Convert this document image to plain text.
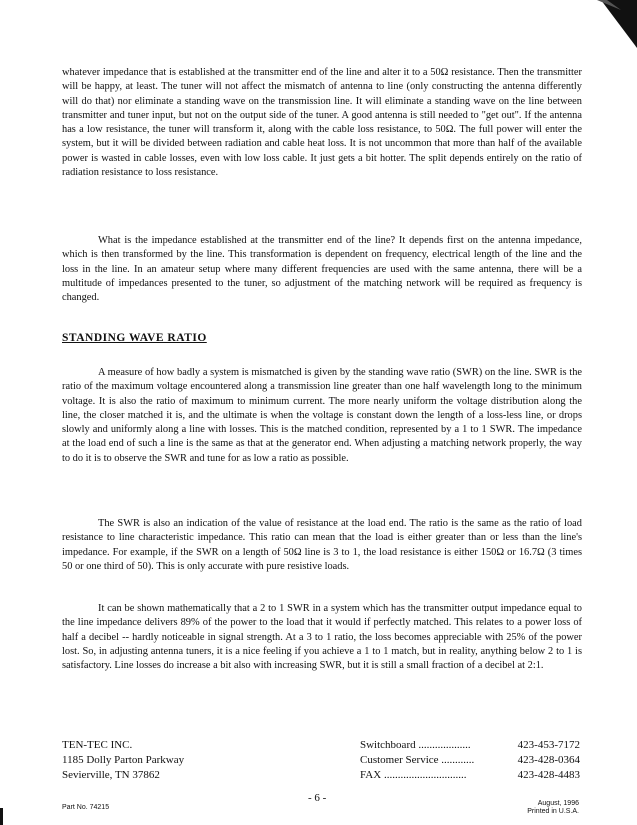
whatever impedance that is established at the transmitter end of the line and alter it to a 50Ω resistance. Then the transmitter will be happy, at least. The tuner will not affect the mismatch of antenna to line (only constructing the antenna differently will do that) nor eliminate a standing wave on the transmission line. It will eliminate a standing wave on the line between transmitter and tuner input, but not on the output side of the tuner. A good antenna is still needed to "get out". If the antenna has a low resistance, the tuner will transform it, along with the cable loss resistance, to 50Ω. The full power will enter the system, but it will be divided between radiation and cable heat loss. It is not uncommon that more than half of the available power is wasted in cable losses, even with low loss cable. It just gets a bit hotter. The split depends entirely on the ratio of radiation resistance to loss resistance.

What is the impedance established at the transmitter end of the line? It depends first on the antenna impedance, which is then transformed by the line. This transformation is dependent on frequency, electrical length of the line and the loss in the line. In an amateur setup where many different frequencies are used with the same antenna, there will be a multitude of impedances presented to the tuner, so adjustment of the matching network will be required as frequency is changed.

STANDING WAVE RATIO

A measure of how badly a system is mismatched is given by the standing wave ratio (SWR) on the line. SWR is the ratio of the maximum voltage encountered along a transmission line greater than one half wavelength long to the minimum voltage. It is also the ratio of maximum to minimum current. The more nearly uniform the voltage distribution along the line, the closer matched it is, and the ultimate is when the voltage is constant down the length of a loss-less line, or drops slowly and uniformly along a line with losses. This is the matched condition, represented by a 1 to 1 SWR. The impedance at the load end of such a line is the same as that at the generator end. When adjusting a matching network properly, the way to do it is to observe the SWR and tune for as low a ratio as possible.

The SWR is also an indication of the value of resistance at the load end. The ratio is the same as the ratio of load resistance to line characteristic impedance. This ratio can mean that the load is either greater than or less than the line's impedance. For example, if the SWR on a length of 50Ω line is 3 to 1, the load resistance is either 150Ω or 16.7Ω (3 times 50 or one third of 50). This is only accurate with pure resistive loads.

It can be shown mathematically that a 2 to 1 SWR in a system which has the transmitter output impedance equal to the line impedance delivers 89% of the power to the load that it would if perfectly matched. This relates to a power loss of half a decibel -- hardly noticeable in signal strength. At a 3 to 1 ratio, the loss becomes appreciable with 25% of the power lost. So, in adjusting antenna tuners, it is a nice feeling if you achieve a 1 to 1 match, but in reality, anything below 2 to 1 is satisfactory. Line losses do increase a bit also with increasing SWR, but it is still a small fraction of a decibel at 2:1.

TEN-TEC INC.
1185 Dolly Parton Parkway
Sevierville, TN 37862
Switchboard ...................	423-453-7172
Customer Service ............	423-428-0364
FAX ..............................	423-428-4483
- 6 -
Part No. 74215
August, 1996
Printed in U.S.A.
